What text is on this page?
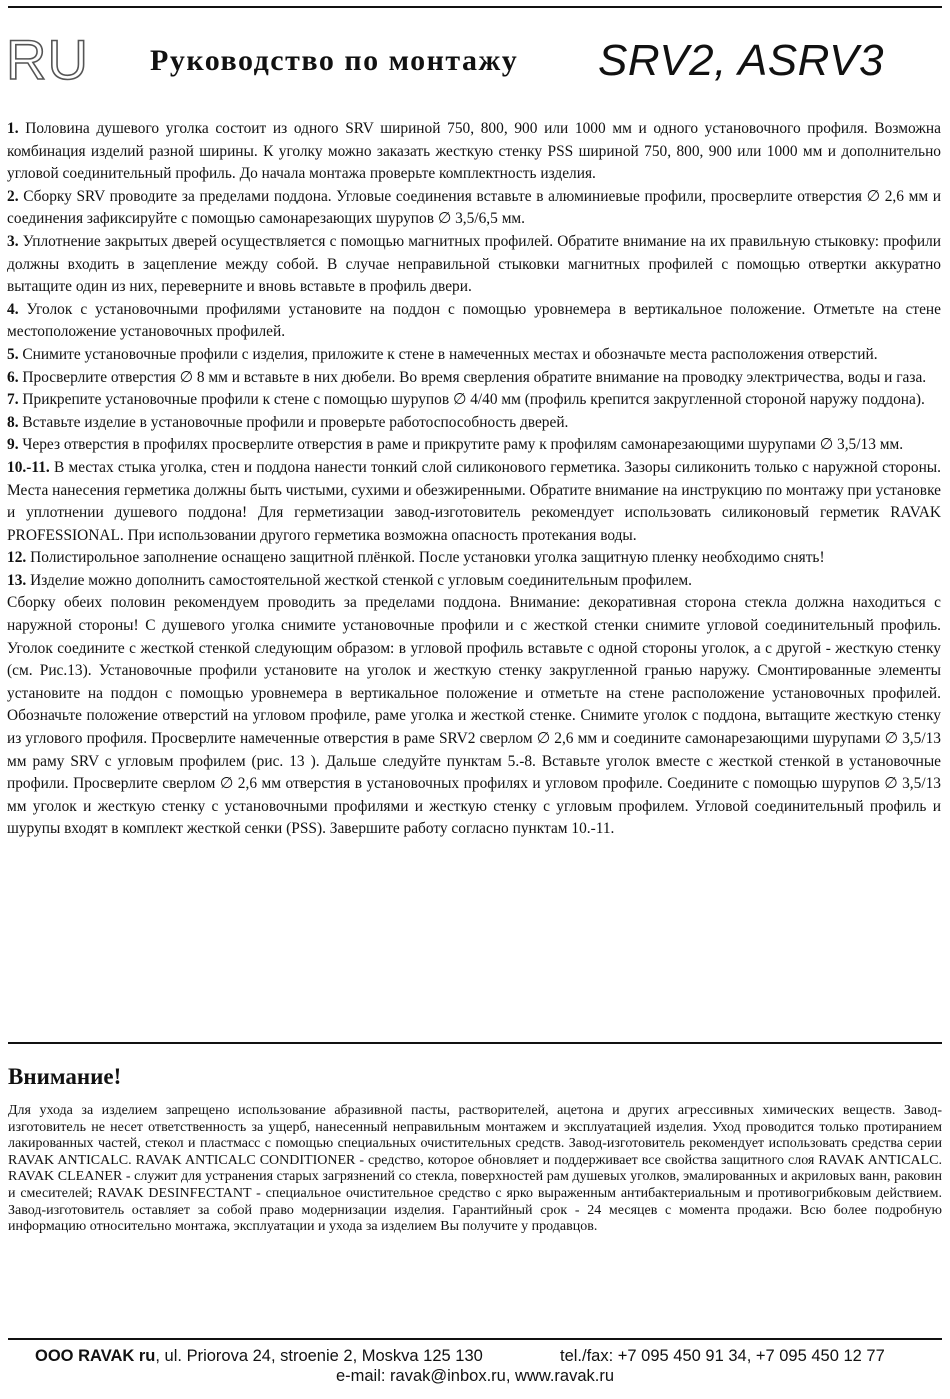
RU Руководство по монтажу SRV2, ASRV3

1. Половина душевого уголка состоит из одного SRV шириной 750, 800, 900 или 1000 мм и одного установочного профиля. Возможна комбинация изделий разной ширины. К уголку можно заказать жесткую стенку PSS шириной 750, 800, 900 или 1000 мм и дополнительно угловой соединительный профиль. До начала монтажа проверьте комплектность изделия.

2. Сборку SRV проводите за пределами поддона. Угловые соединения вставьте в алюминиевые профили, просверлите отверстия ∅ 2,6 мм и соединения зафиксируйте с помощью самонарезающих шурупов ∅ 3,5/6,5 мм.

3. Уплотнение закрытых дверей осуществляется с помощью магнитных профилей. Обратите внимание на их правильную стыковку: профили должны входить в зацепление между собой. В случае неправильной стыковки магнитных профилей с помощью отвертки аккуратно вытащите один из них, переверните и вновь вставьте в профиль двери.

4. Уголок с установочными профилями установите на поддон с помощью уровнемера в вертикальное положение. Отметьте на стене местоположение установочных профилей.

5. Снимите установочные профили с изделия, приложите к стене в намеченных местах и обозначьте места расположения отверстий.

6. Просверлите отверстия ∅ 8 мм и вставьте в них дюбели. Во время сверления обратите внимание на проводку электричества, воды и газа.

7. Прикрепите установочные профили к стене с помощью шурупов ∅ 4/40 мм (профиль крепится закругленной стороной наружу поддона).

8. Вставьте изделие в установочные профили и проверьте работоспособность дверей.

9. Через отверстия в профилях просверлите отверстия в раме и прикрутите раму к профилям самонарезающими шурупами ∅ 3,5/13 мм.

10.-11. В местах стыка уголка, стен и поддона нанести тонкий слой силиконового герметика. Зазоры силиконить только с наружной стороны. Места нанесения герметика должны быть чистыми, сухими и обезжиренными. Обратите внимание на инструкцию по монтажу при установке и уплотнении душевого поддона! Для герметизации завод-изготовитель рекомендует использовать силиконовый герметик RAVAK PROFESSIONAL. При использовании другого герметика возможна опасность протекания воды.

12. Полистирольное заполнение оснащено защитной плёнкой. После установки уголка защитную пленку необходимо снять!

13. Изделие можно дополнить самостоятельной жесткой стенкой с угловым соединительным профилем.

Сборку обеих половин рекомендуем проводить за пределами поддона. Внимание: декоративная сторона стекла должна находиться с наружной стороны! С душевого уголка снимите установочные профили и с жесткой стенки снимите угловой соединительный профиль. Уголок соедините с жесткой стенкой следующим образом: в угловой профиль вставьте с одной стороны уголок, а с другой - жесткую стенку (см. Рис.13). Установочные профили установите на уголок и жесткую стенку закругленной гранью наружу. Смонтированные элементы установите на поддон с помощью уровнемера в вертикальное положение и отметьте на стене расположение установочных профилей. Обозначьте положение отверстий на угловом профиле, раме уголка и жесткой стенке. Снимите уголок с поддона, вытащите жесткую стенку из углового профиля. Просверлите намеченные отверстия в раме SRV2 сверлом ∅ 2,6 мм и соедините самонарезающими шурупами ∅ 3,5/13 мм раму SRV с угловым профилем (рис. 13 ). Дальше следуйте пунктам 5.-8. Вставьте уголок вместе с жесткой стенкой в установочные профили. Просверлите сверлом ∅ 2,6 мм отверстия в установочных профилях и угловом профиле. Соедините с помощью шурупов ∅ 3,5/13 мм уголок и жесткую стенку с установочными профилями и жесткую стенку с угловым профилем. Угловой соединительный профиль и шурупы входят в комплект жесткой сенки (PSS). Завершите работу согласно пунктам 10.-11.

Внимание!

Для ухода за изделием запрещено использование абразивной пасты, растворителей, ацетона и других агрессивных химических веществ. Завод-изготовитель не несет ответственность за ущерб, нанесенный неправильным монтажем и эксплуатацией изделия. Уход проводится только протиранием лакированных частей, стекол и пластмасс с помощью специальных очистительных средств. Завод-изготовитель рекомендует использовать средства серии RAVAK ANTICALC. RAVAK ANTICALC CONDITIONER - средство, которое обновляет и поддерживает все свойства защитного слоя RAVAK ANTICALC. RAVAK CLEANER - служит для устранения старых загрязнений со стекла, поверхностей рам душевых уголков, эмалированных и акриловых ванн, раковин и смесителей; RAVAK DESINFECTANT - специальное очистительное средство с ярко выраженным антибактериальным и противогрибковым действием. Завод-изготовитель оставляет за собой право модернизации изделия. Гарантийный срок - 24 месяцев с момента продажи. Всю более подробную информацию относительно монтажа, эксплуатации и ухода за изделием Вы получите у продавцов.

OOO RAVAK ru, ul. Priorova 24, stroenie 2, Moskva 125 130	tel./fax: +7 095 450 91 34, +7 095 450 12 77
e-mail: ravak@inbox.ru, www.ravak.ru
